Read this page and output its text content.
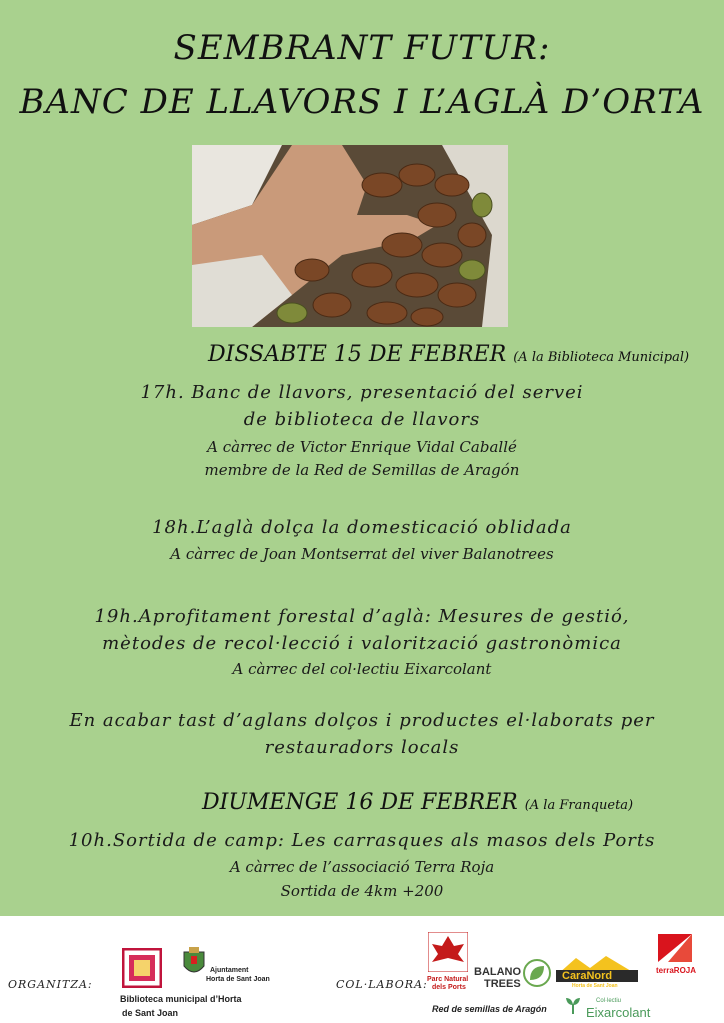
SEMBRANT FUTUR:
BANC DE LLAVORS I L’AGLÀ D’ORTA
DISSABTE 15 DE FEBRER (A la Biblioteca Municipal)
17h. Banc de llavors, presentació del servei
de biblioteca de llavors
A càrrec de Victor Enrique Vidal Caballé
membre de la Red de Semillas de Aragón
18h.L’aglà dolça la domesticació oblidada
A càrrec de Joan Montserrat del viver Balanotrees
19h.Aprofitament forestal d’aglà: Mesures de gestió,
mètodes de recol·lecció i valorització gastronòmica
A càrrec del col·lectiu Eixarcolant
En acabar tast d’aglans dolços i productes el·laborats per
restauradors locals
DIUMENGE 16 DE FEBRER (A la Franqueta)
10h.Sortida de camp: Les carrasques als masos dels Ports
A càrrec de l’associació Terra Roja
Sortida de 4km +200
ORGANITZA:
Ajuntament
Horta de Sant Joan
Biblioteca municipal d’Horta
de Sant Joan
COL·LABORA: Parc Natural
dels Ports
BALANO
TREES
CaraNord
Horta de Sant Joan
terraROJA
Red de semillas de Aragón
Col·lectiu
Eixarcolant
